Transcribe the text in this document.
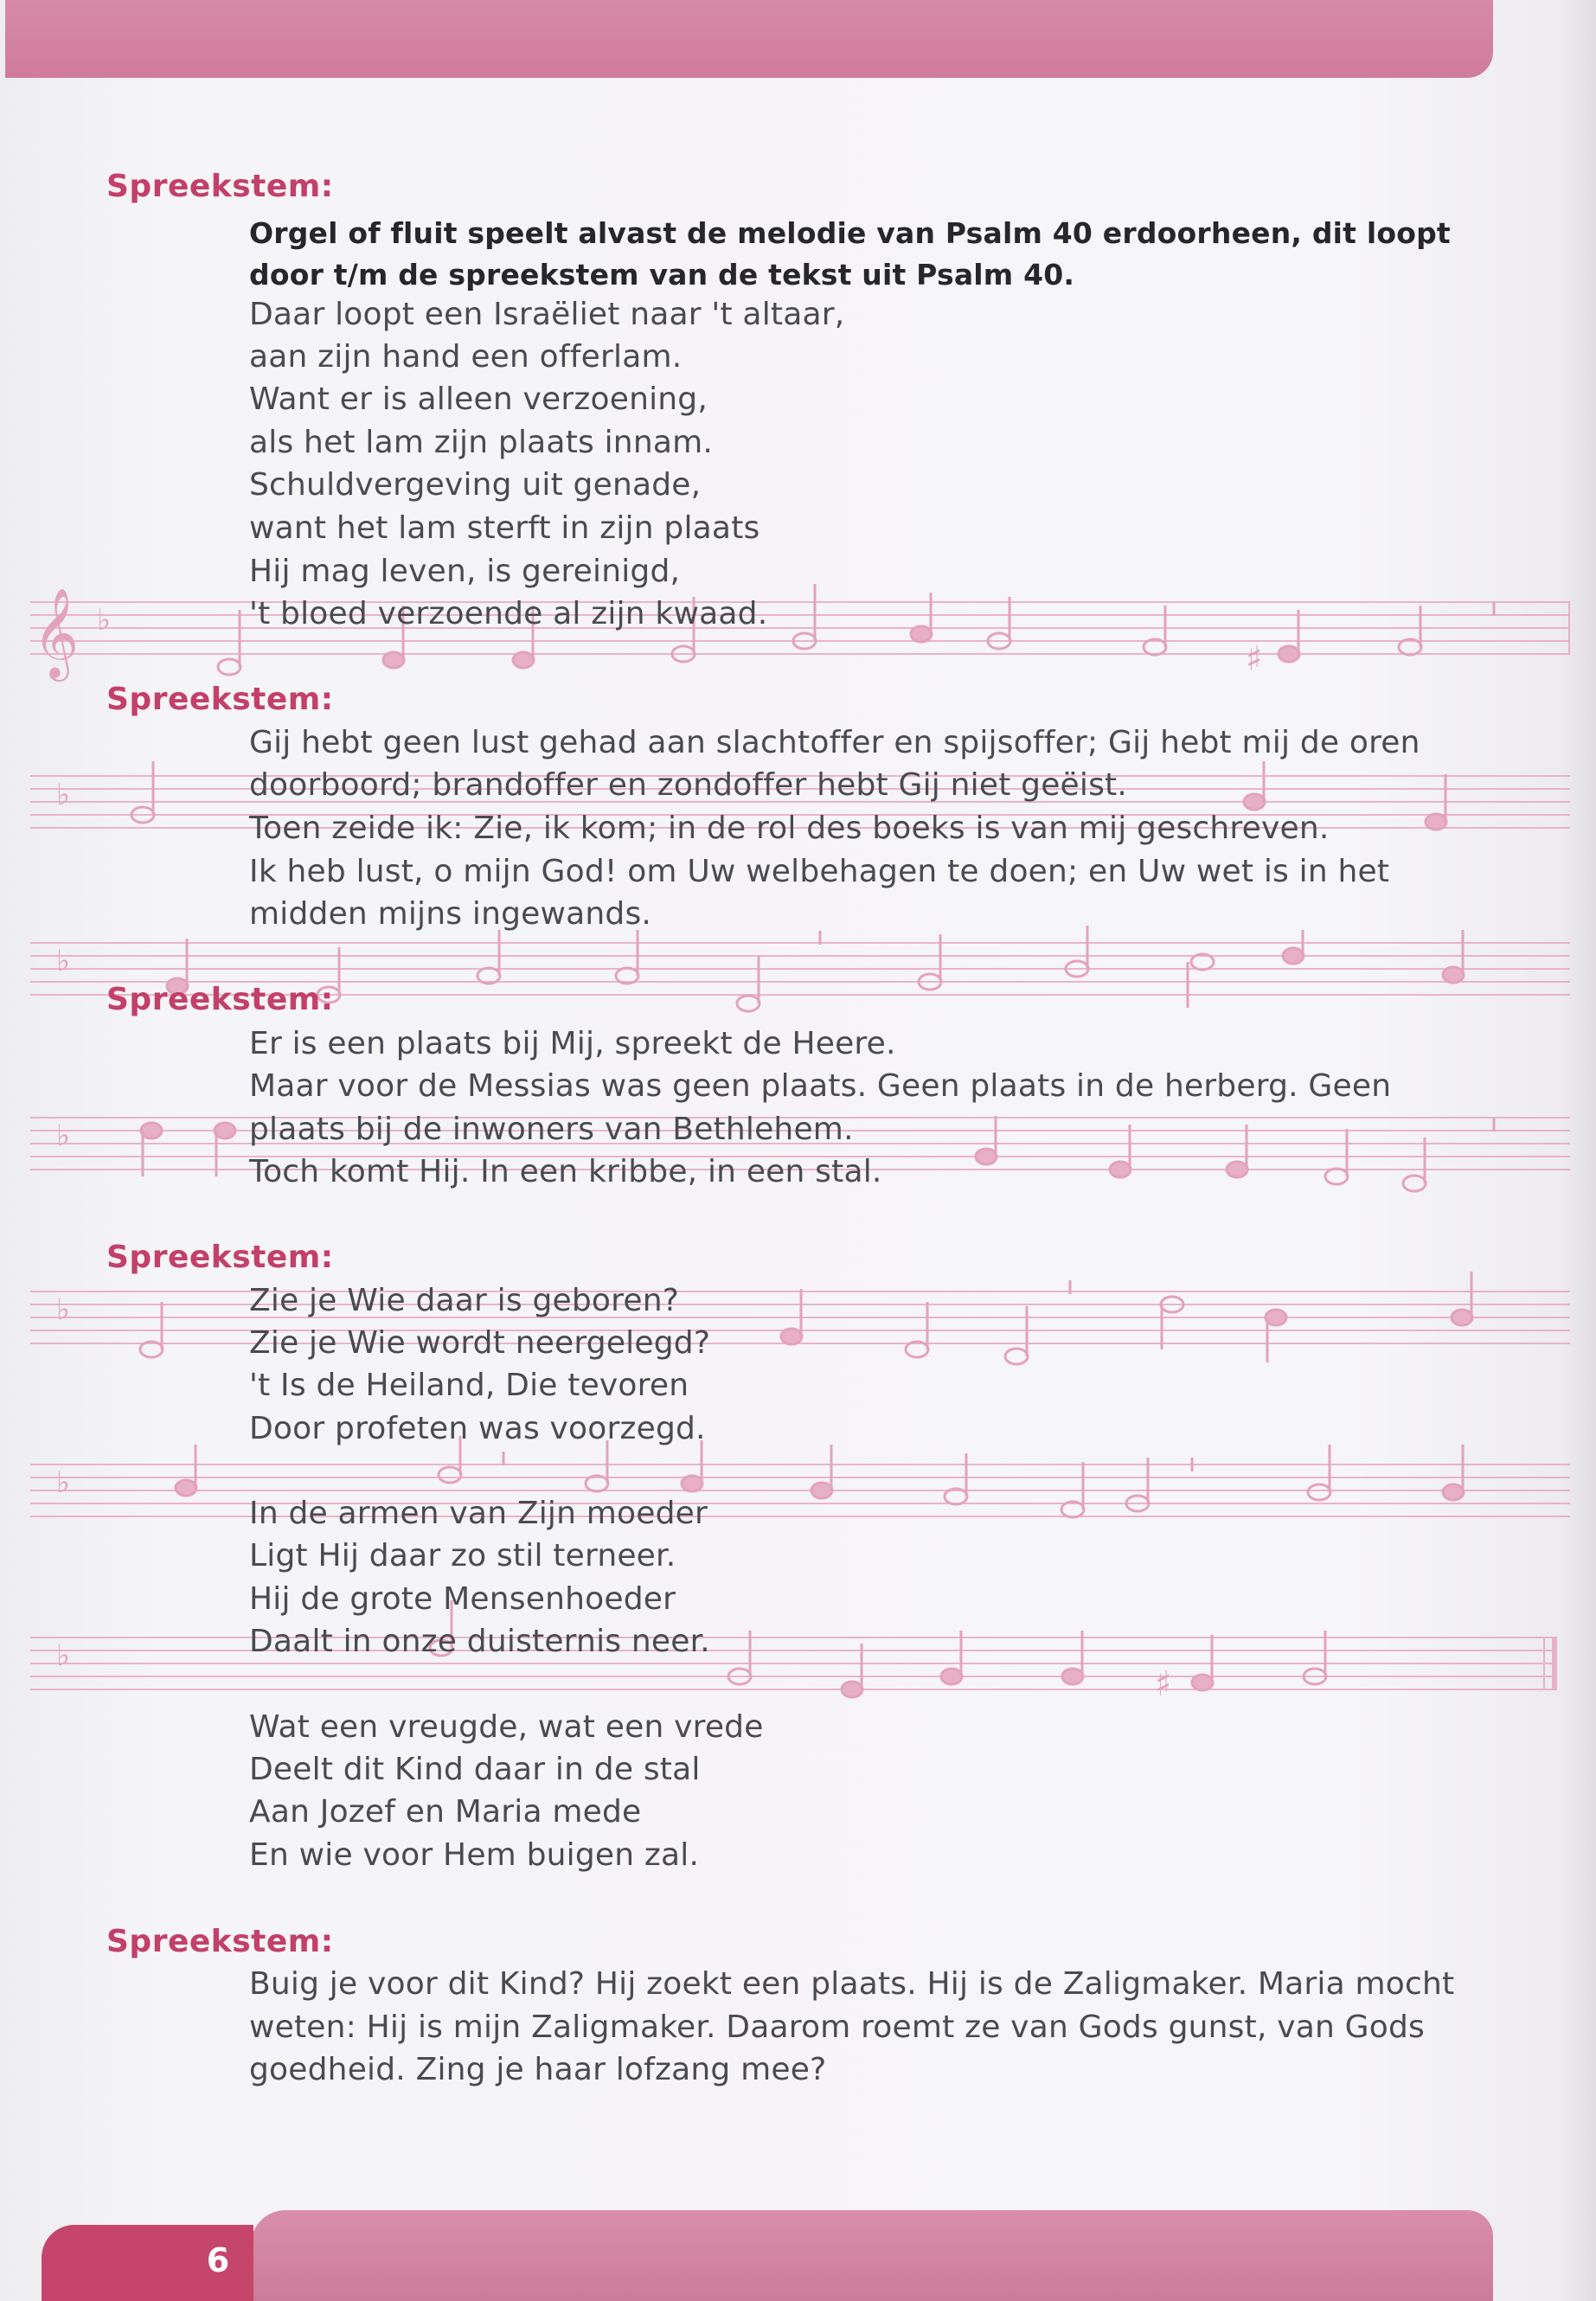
𝄞 ♭
♭
♭
♭
♭
♭
♭
♯
♯
Spreekstem:
Orgel of fluit speelt alvast de melodie van Psalm 40 erdoorheen, dit loopt
door t/m de spreekstem van de tekst uit Psalm 40.
Daar loopt een Israëliet naar 't altaar,
aan zijn hand een offerlam.
Want er is alleen verzoening,
als het lam zijn plaats innam.
Schuldvergeving uit genade,
want het lam sterft in zijn plaats
Hij mag leven, is gereinigd,
't bloed verzoende al zijn kwaad.
Spreekstem:
Gij hebt geen lust gehad aan slachtoffer en spijsoffer; Gij hebt mij de oren
doorboord; brandoffer en zondoffer hebt Gij niet geëist.
Toen zeide ik: Zie, ik kom; in de rol des boeks is van mij geschreven.
Ik heb lust, o mijn God! om Uw welbehagen te doen; en Uw wet is in het
midden mijns ingewands.
Spreekstem:
Er is een plaats bij Mij, spreekt de Heere.
Maar voor de Messias was geen plaats. Geen plaats in de herberg. Geen
plaats bij de inwoners van Bethlehem.
Toch komt Hij. In een kribbe, in een stal.
Spreekstem:
Zie je Wie daar is geboren?
Zie je Wie wordt neergelegd?
't Is de Heiland, Die tevoren
Door profeten was voorzegd.
In de armen van Zijn moeder
Ligt Hij daar zo stil terneer.
Hij de grote Mensenhoeder
Daalt in onze duisternis neer.
Wat een vreugde, wat een vrede
Deelt dit Kind daar in de stal
Aan Jozef en Maria mede
En wie voor Hem buigen zal.
Spreekstem:
Buig je voor dit Kind? Hij zoekt een plaats. Hij is de Zaligmaker. Maria mocht
weten: Hij is mijn Zaligmaker. Daarom roemt ze van Gods gunst, van Gods
goedheid. Zing je haar lofzang mee?
6
